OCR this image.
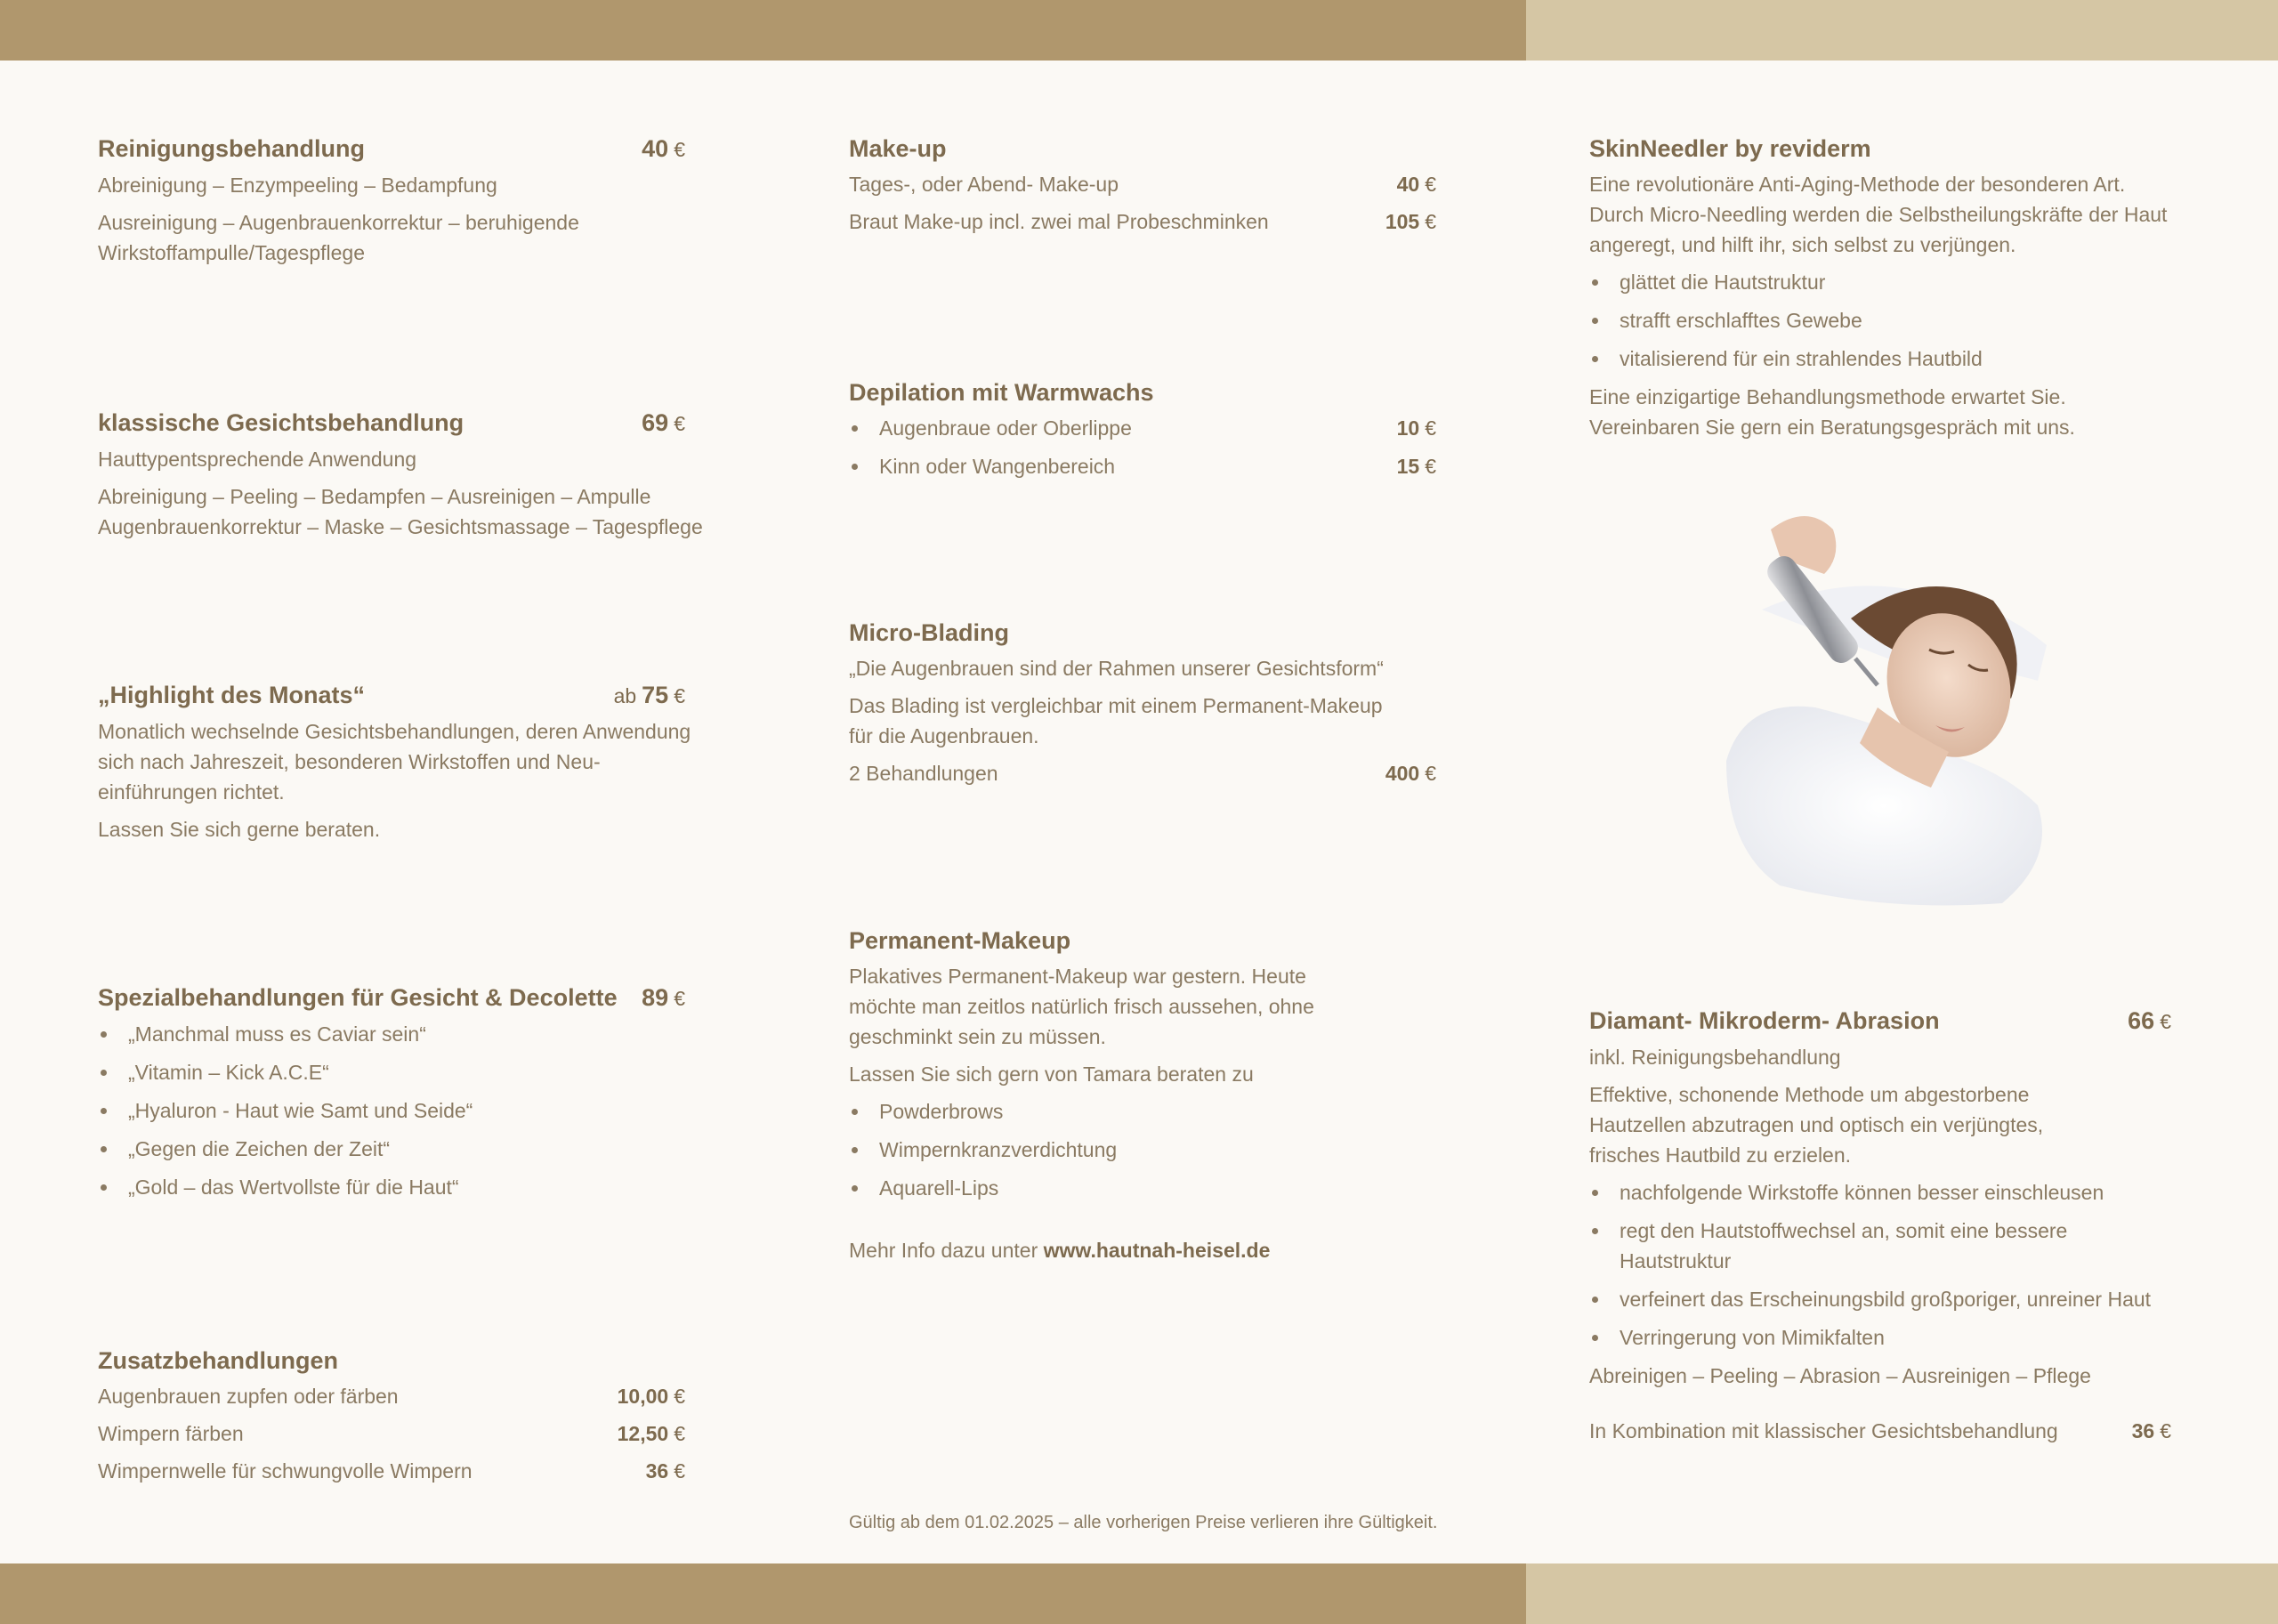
Reinigungsbehandlung	40 €

Abreinigung – Enzympeeling – Bedampfung

Ausreinigung – Augenbrauenkorrektur – beruhigende Wirkstoffampulle/Tagespflege

klassische Gesichtsbehandlung	69 €

Hauttypentsprechende Anwendung

Abreinigung – Peeling – Bedampfen – Ausreinigen – Ampulle Augenbrauenkorrektur – Maske – Gesichtsmassage – Tagespflege

„Highlight des Monats“	ab 75 €

Monatlich wechselnde Gesichtsbehandlungen, deren Anwendung sich nach Jahreszeit, besonderen Wirkstoffen und Neu-einführungen richtet.

Lassen Sie sich gerne beraten.

Spezialbehandlungen für Gesicht & Decolette 89 €
„Manchmal muss es Caviar sein“
„Vitamin – Kick A.C.E“
„Hyaluron - Haut wie Samt und Seide“
„Gegen die Zeichen der Zeit“
„Gold – das Wertvollste für die Haut“
Zusatzbehandlungen
Augenbrauen zupfen oder färben	10,00 €
Wimpern färben	12,50 €
Wimpernwelle für schwungvolle Wimpern	36 €
Make-up
Tages-, oder Abend- Make-up	40 €
Braut Make-up incl. zwei mal Probeschminken	105 €
Depilation mit Warmwachs
Augenbraue oder Oberlippe	10 €
Kinn oder Wangenbereich	15 €
Micro-Blading

„Die Augenbrauen sind der Rahmen unserer Gesichtsform“

Das Blading ist vergleichbar mit einem Permanent-Makeup für die Augenbrauen.

2 Behandlungen	400 €
Permanent-Makeup

Plakatives Permanent-Makeup war gestern. Heute möchte man zeitlos natürlich frisch aussehen, ohne geschminkt sein zu müssen.

Lassen Sie sich gern von Tamara beraten zu

Powderbrows
Wimpernkranzverdichtung
Aquarell-Lips

Mehr Info dazu unter www.hautnah-heisel.de

Gültig ab dem 01.02.2025 – alle vorherigen Preise verlieren ihre Gültigkeit.
SkinNeedler by reviderm

Eine revolutionäre Anti-Aging-Methode der besonderen Art. Durch Micro-Needling werden die Selbstheilungskräfte der Haut angeregt, und hilft ihr, sich selbst zu verjüngen.

glättet die Hautstruktur
strafft erschlafftes Gewebe
vitalisierend für ein strahlendes Hautbild

Eine einzigartige Behandlungsmethode erwartet Sie. Vereinbaren Sie gern ein Beratungsgespräch mit uns.

Diamant- Mikroderm- Abrasion	66 €

inkl. Reinigungsbehandlung

Effektive, schonende Methode um abgestorbene Hautzellen abzutragen und optisch ein verjüngtes, frisches Hautbild zu erzielen.

nachfolgende Wirkstoffe können besser einschleusen
regt den Hautstoffwechsel an, somit eine bessere Hautstruktur
verfeinert das Erscheinungsbild großporiger, unreiner Haut
Verringerung von Mimikfalten

Abreinigen – Peeling – Abrasion – Ausreinigen – Pflege

In Kombination mit klassischer Gesichtsbehandlung	36 €
